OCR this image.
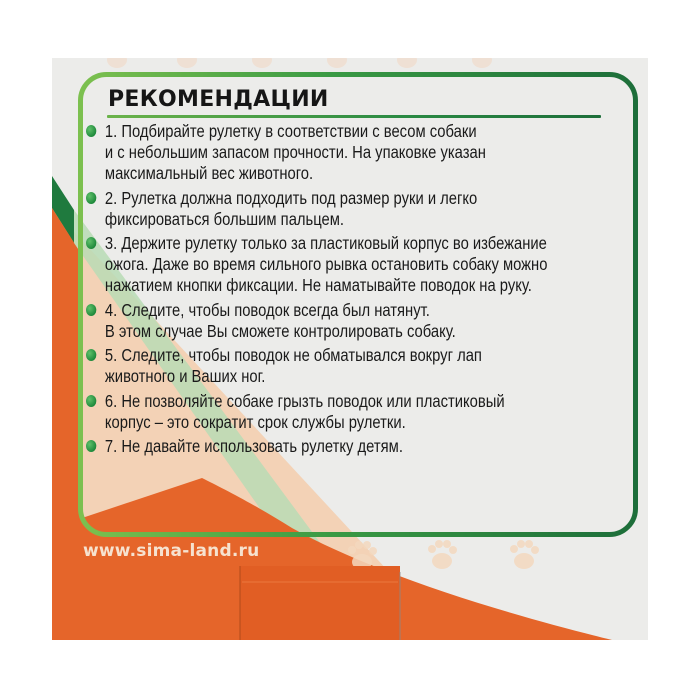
РЕКОМЕНДАЦИИ
1. Подбирайте рулетку в соответствии с весом собаки
и с небольшим запасом прочности. На упаковке указан
максимальный вес животного.
2. Рулетка должна подходить под размер руки и легко
фиксироваться большим пальцем.
3. Держите рулетку только за пластиковый корпус во избежание
ожога. Даже во время сильного рывка остановить собаку можно
нажатием кнопки фиксации. Не наматывайте поводок на руку.
4. Следите, чтобы поводок всегда был натянут.
В этом случае Вы сможете контролировать собаку.
5. Следите, чтобы поводок не обматывался вокруг лап
животного и Ваших ног.
6. Не позволяйте собаке грызть поводок или пластиковый
корпус – это сократит срок службы рулетки.
7. Не давайте использовать рулетку детям.
www.sima-land.ru
